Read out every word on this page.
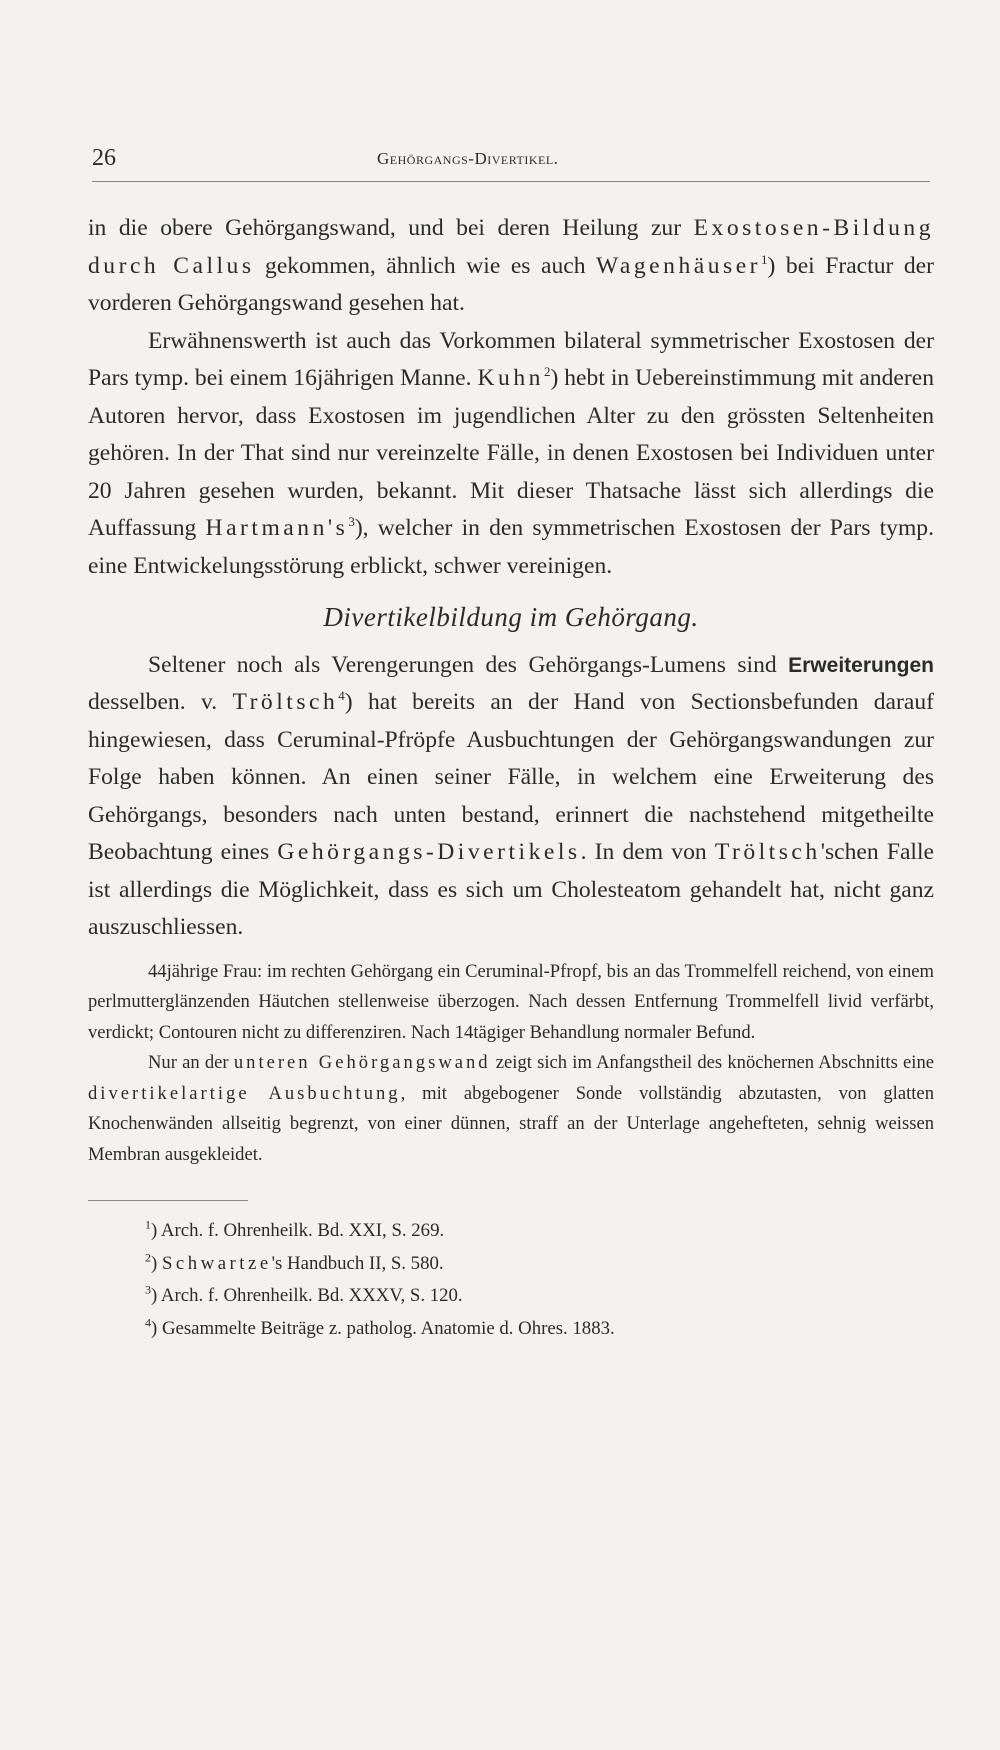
26	Gehörgangs-Divertikel.

in die obere Gehörgangswand, und bei deren Heilung zur Exostosen-Bildung durch Callus gekommen, ähnlich wie es auch Wagenhäuser$^1$) bei Fractur der vorderen Gehörgangswand gesehen hat.

Erwähnenswerth ist auch das Vorkommen bilateral symmetrischer Exostosen der Pars tymp. bei einem 16jährigen Manne. Kuhn$^2$) hebt in Uebereinstimmung mit anderen Autoren hervor, dass Exostosen im jugendlichen Alter zu den grössten Seltenheiten gehören. In der That sind nur vereinzelte Fälle, in denen Exostosen bei Individuen unter 20 Jahren gesehen wurden, bekannt. Mit dieser Thatsache lässt sich allerdings die Auffassung $Hartmann's^3$), welcher in den symmetrischen Exostosen der Pars tymp. eine Entwickelungsstörung erblickt, schwer vereinigen.

Divertikelbildung im Gehörgang.

Seltener noch als Verengerungen des Gehörgangs-Lumens sind Erweiterungen desselben. v. Tröltsch$^4$) hat bereits an der Hand von Sectionsbefunden darauf hingewiesen, dass Ceruminal-Pfröpfe Ausbuchtungen der Gehörgangswandungen zur Folge haben können. An einen seiner Fälle, in welchem eine Erweiterung des Gehörgangs, besonders nach unten bestand, erinnert die nachstehend mitgetheilte Beobachtung eines Gehörgangs-Divertikels. In dem von Tröltsch'schen Falle ist allerdings die Möglichkeit, dass es sich um Cholesteatom gehandelt hat, nicht ganz auszuschliessen.

44jährige Frau: im rechten Gehörgang ein Ceruminal-Pfropf, bis an das Trommelfell reichend, von einem perlmutterglänzenden Häutchen stellenweise überzogen. Nach dessen Entfernung Trommelfell livid verfärbt, verdickt; Contouren nicht zu differenziren. Nach 14tägiger Behandlung normaler Befund.

Nur an der unteren Gehörgangswand zeigt sich im Anfangstheil des knöchernen Abschnitts eine divertikelartige Ausbuchtung, mit abgebogener Sonde vollständig abzutasten, von glatten Knochenwänden allseitig begrenzt, von einer dünnen, straff an der Unterlage angehefteten, sehnig weissen Membran ausgekleidet.

$^1$) Arch. f. Ohrenheilk. Bd. XXI, S. 269.
$^2$) Schwartze's Handbuch II, S. 580.
$^3$) Arch. f. Ohrenheilk. Bd. XXXV, S. 120.
$^4$) Gesammelte Beiträge z. patholog. Anatomie d. Ohres. 1883.
